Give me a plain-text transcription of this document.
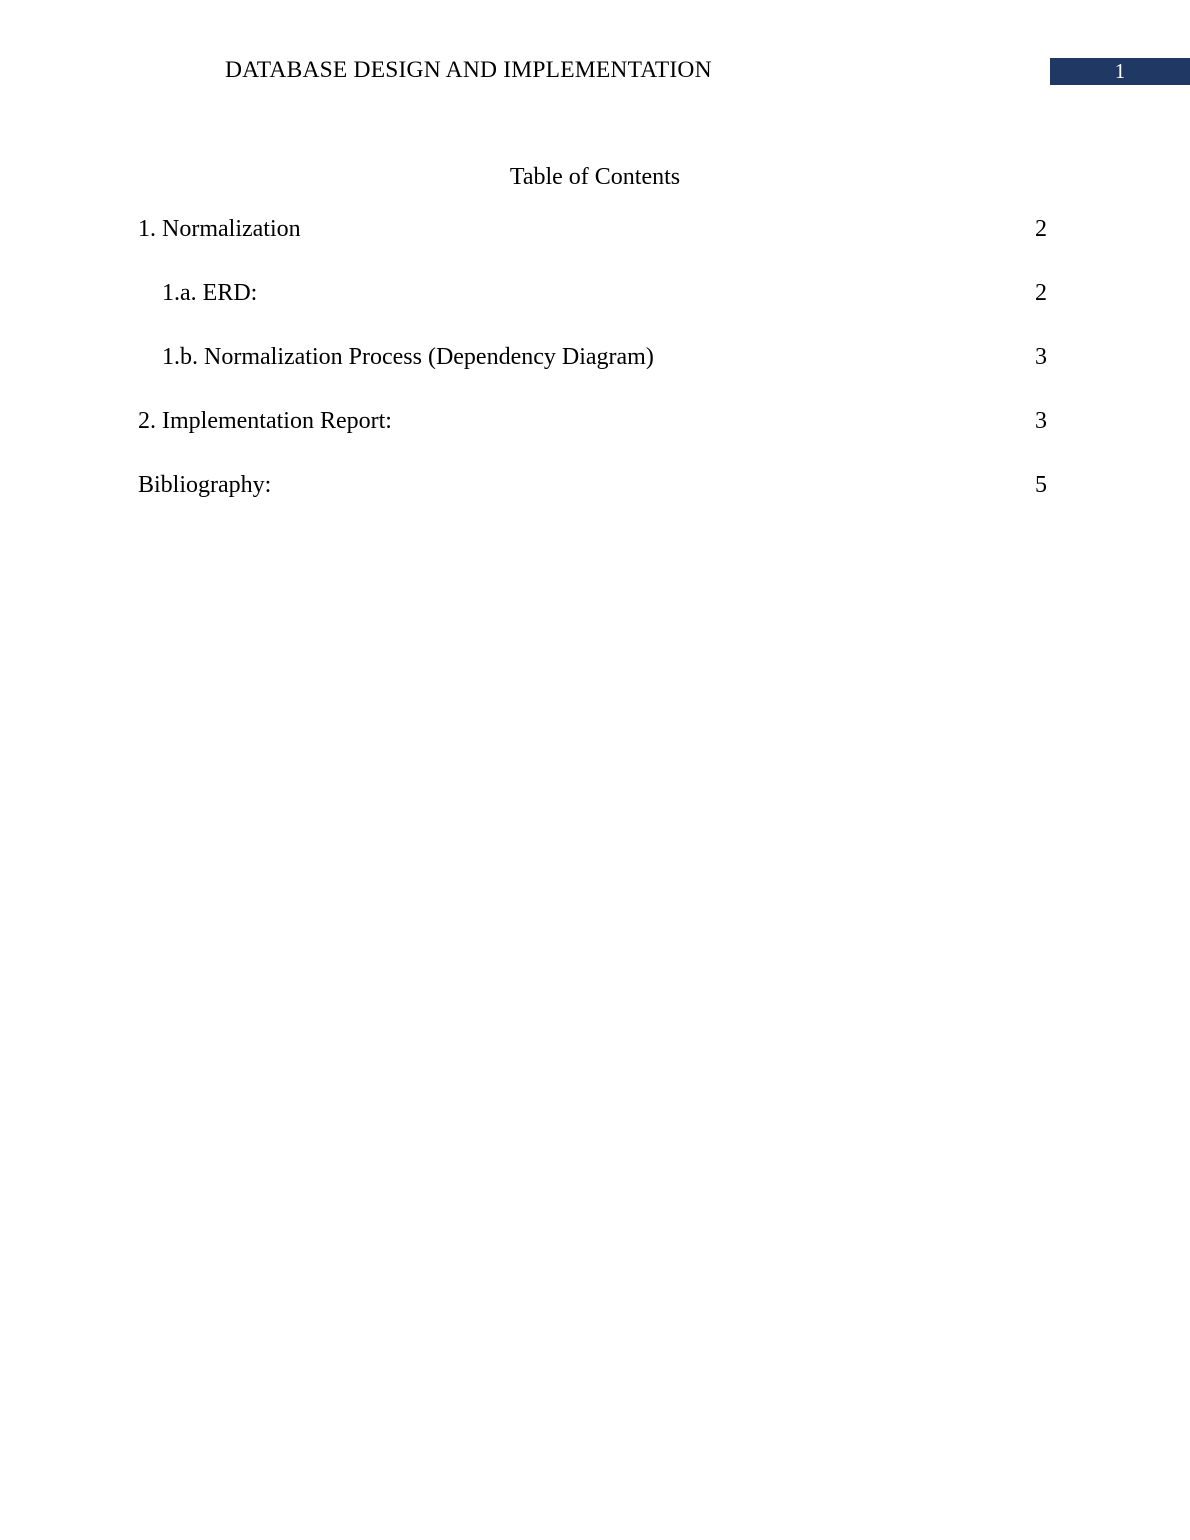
DATABASE DESIGN AND IMPLEMENTATION	1
Table of Contents
1. Normalization	2
1.a. ERD:	2
1.b. Normalization Process (Dependency Diagram)	3
2. Implementation Report:	3
Bibliography:	5
